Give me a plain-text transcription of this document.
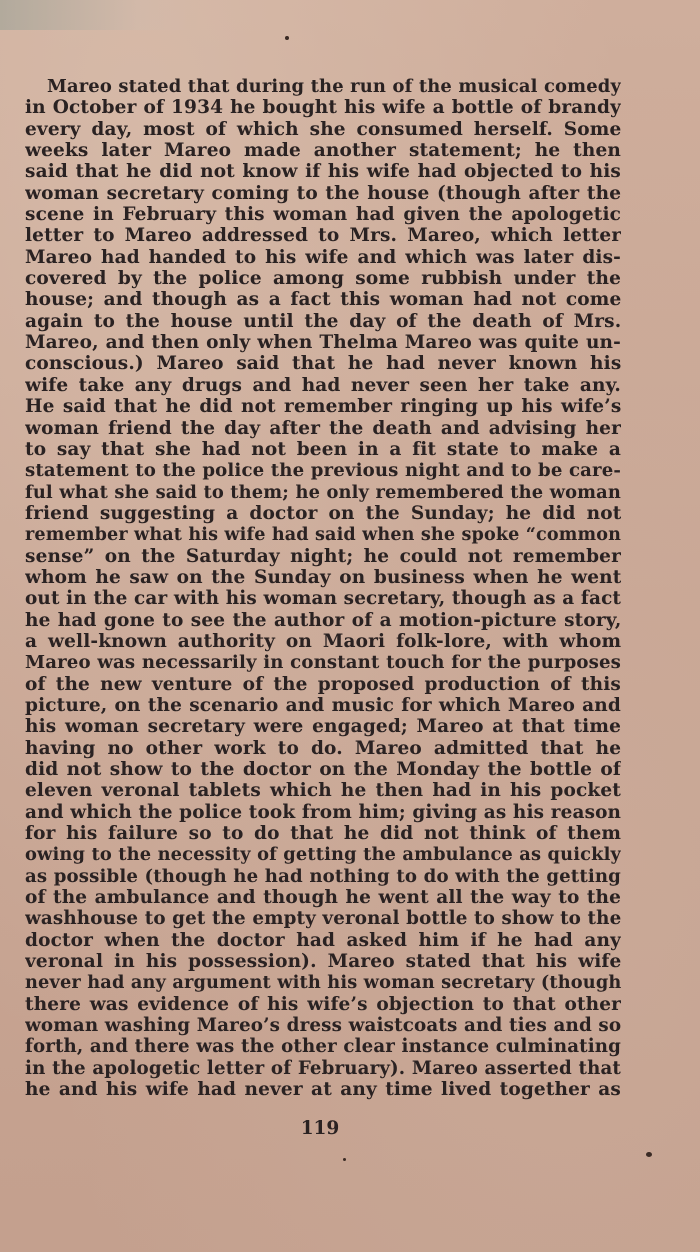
Mareo stated that during the run of the musical comedy
in October of 1934 he bought his wife a bottle of brandy
every day, most of which she consumed herself. Some
weeks later Mareo made another statement; he then
said that he did not know if his wife had objected to his
woman secretary coming to the house (though after the
scene in February this woman had given the apologetic
letter to Mareo addressed to Mrs. Mareo, which letter
Mareo had handed to his wife and which was later dis-
covered by the police among some rubbish under the
house; and though as a fact this woman had not come
again to the house until the day of the death of Mrs.
Mareo, and then only when Thelma Mareo was quite un-
conscious.) Mareo said that he had never known his
wife take any drugs and had never seen her take any.
He said that he did not remember ringing up his wife’s
woman friend the day after the death and advising her
to say that she had not been in a fit state to make a
statement to the police the previous night and to be care-
ful what she said to them; he only remembered the woman
friend suggesting a doctor on the Sunday; he did not
remember what his wife had said when she spoke “common
sense” on the Saturday night; he could not remember
whom he saw on the Sunday on business when he went
out in the car with his woman secretary, though as a fact
he had gone to see the author of a motion-picture story,
a well-known authority on Maori folk-lore, with whom
Mareo was necessarily in constant touch for the purposes
of the new venture of the proposed production of this
picture, on the scenario and music for which Mareo and
his woman secretary were engaged; Mareo at that time
having no other work to do. Mareo admitted that he
did not show to the doctor on the Monday the bottle of
eleven veronal tablets which he then had in his pocket
and which the police took from him; giving as his reason
for his failure so to do that he did not think of them
owing to the necessity of getting the ambulance as quickly
as possible (though he had nothing to do with the getting
of the ambulance and though he went all the way to the
washhouse to get the empty veronal bottle to show to the
doctor when the doctor had asked him if he had any
veronal in his possession). Mareo stated that his wife
never had any argument with his woman secretary (though
there was evidence of his wife’s objection to that other
woman washing Mareo’s dress waistcoats and ties and so
forth, and there was the other clear instance culminating
in the apologetic letter of February). Mareo asserted that
he and his wife had never at any time lived together as
119
